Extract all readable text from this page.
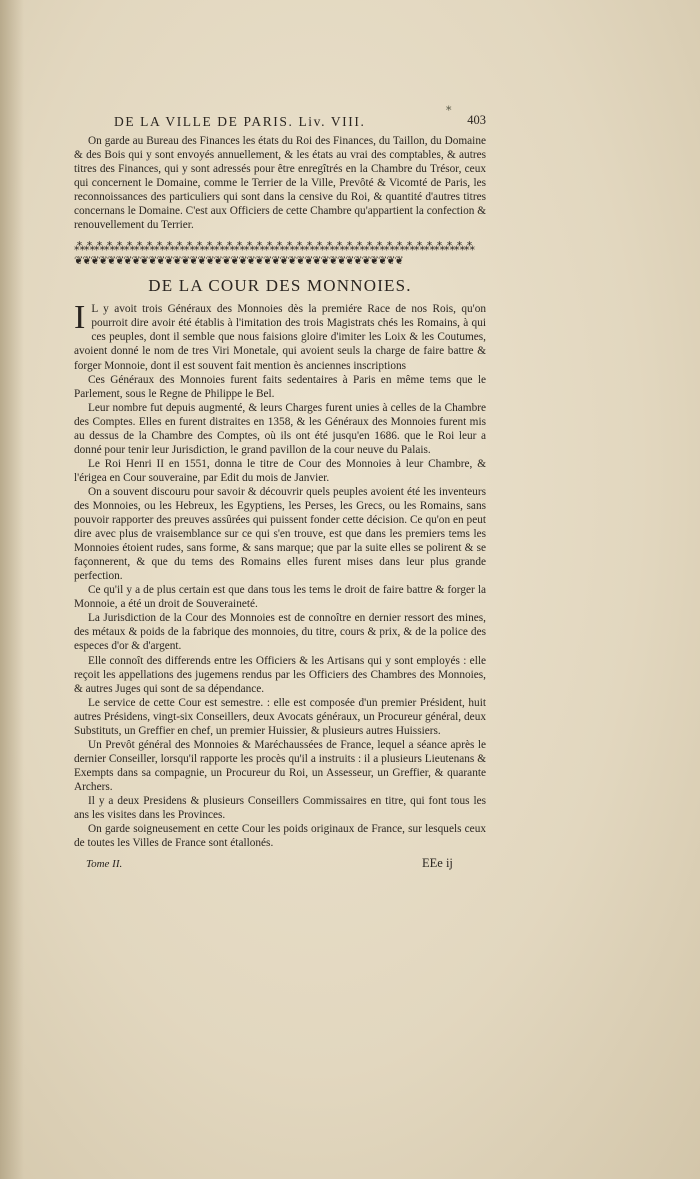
*
DE LA VILLE DE PARIS. Liv. VIII.	403

On garde au Bureau des Finances les états du Roi des Finances, du Taillon, du Domaine & des Bois qui y sont envoyés annuellement, & les états au vrai des comptables, & autres titres des Finances, qui y sont adressés pour être enregîtrés en la Chambre du Trésor, ceux qui concernent le Domaine, comme le Terrier de la Ville, Prevôté & Vicomté de Paris, les reconnoissances des particuliers qui sont dans la censive du Roi, & quantité d'autres titres concernans le Domaine. C'est aux Officiers de cette Chambre qu'appartient la confection & renouvellement du Terrier.

⁂⁂⁂⁂⁂⁂⁂⁂⁂⁂⁂⁂⁂⁂⁂⁂⁂⁂⁂⁂⁂⁂⁂⁂⁂⁂⁂⁂⁂⁂⁂⁂⁂⁂⁂⁂⁂⁂⁂⁂
❦❦❦❦❦❦❦❦❦❦❦❦❦❦❦❦❦❦❦❦❦❦❦❦❦❦❦❦❦❦❦❦❦❦❦❦❦❦❦❦
DE LA COUR DES MONNOIES.

I L y avoit trois Généraux des Monnoies dès la premiére Race de nos Rois, qu'on pourroit dire avoir été établis à l'imitation des trois Magistrats chés les Romains, à qui ces peuples, dont il semble que nous faisions gloire d'imiter les Loix & les Coutumes, avoient donné le nom de tres Viri Monetale, qui avoient seuls la charge de faire battre & forger Monnoie, dont il est souvent fait mention ès anciennes inscriptions

Ces Généraux des Monnoies furent faits sedentaires à Paris en même tems que le Parlement, sous le Regne de Philippe le Bel.

Leur nombre fut depuis augmenté, & leurs Charges furent unies à celles de la Chambre des Comptes. Elles en furent distraites en 1358, & les Généraux des Monnoies furent mis au dessus de la Chambre des Comptes, où ils ont été jusqu'en 1686. que le Roi leur a donné pour tenir leur Jurisdiction, le grand pavillon de la cour neuve du Palais.

Le Roi Henri II en 1551, donna le titre de Cour des Monnoies à leur Chambre, & l'érigea en Cour souveraine, par Edit du mois de Janvier.

On a souvent discouru pour savoir & découvrir quels peuples avoient été les inventeurs des Monnoies, ou les Hebreux, les Egyptiens, les Perses, les Grecs, ou les Romains, sans pouvoir rapporter des preuves assûrées qui puissent fonder cette décision. Ce qu'on en peut dire avec plus de vraisemblance sur ce qui s'en trouve, est que dans les premiers tems les Monnoies étoient rudes, sans forme, & sans marque; que par la suite elles se polirent & se façonnerent, & que du tems des Romains elles furent mises dans leur plus grande perfection.

Ce qu'il y a de plus certain est que dans tous les tems le droit de faire battre & forger la Monnoie, a été un droit de Souveraineté.

La Jurisdiction de la Cour des Monnoies est de connoître en dernier ressort des mines, des métaux & poids de la fabrique des monnoies, du titre, cours & prix, & de la police des especes d'or & d'argent.

Elle connoît des differends entre les Officiers & les Artisans qui y sont employés : elle reçoit les appellations des jugemens rendus par les Officiers des Chambres des Monnoies, & autres Juges qui sont de sa dépendance.

Le service de cette Cour est semestre. : elle est composée d'un premier Président, huit autres Présidens, vingt-six Conseillers, deux Avocats généraux, un Procureur général, deux Substituts, un Greffier en chef, un premier Huissier, & plusieurs autres Huissiers.

Un Prevôt général des Monnoies & Maréchaussées de France, lequel a séance après le dernier Conseiller, lorsqu'il rapporte les procès qu'il a instruits : il a plusieurs Lieutenans & Exempts dans sa compagnie, un Procureur du Roi, un Assesseur, un Greffier, & quarante Archers.

Il y a deux Presidens & plusieurs Conseillers Commissaires en titre, qui font tous les ans les visites dans les Provinces.

On garde soigneusement en cette Cour les poids originaux de France, sur lesquels ceux de toutes les Villes de France sont étallonés.

Tome II.	EEe ij
